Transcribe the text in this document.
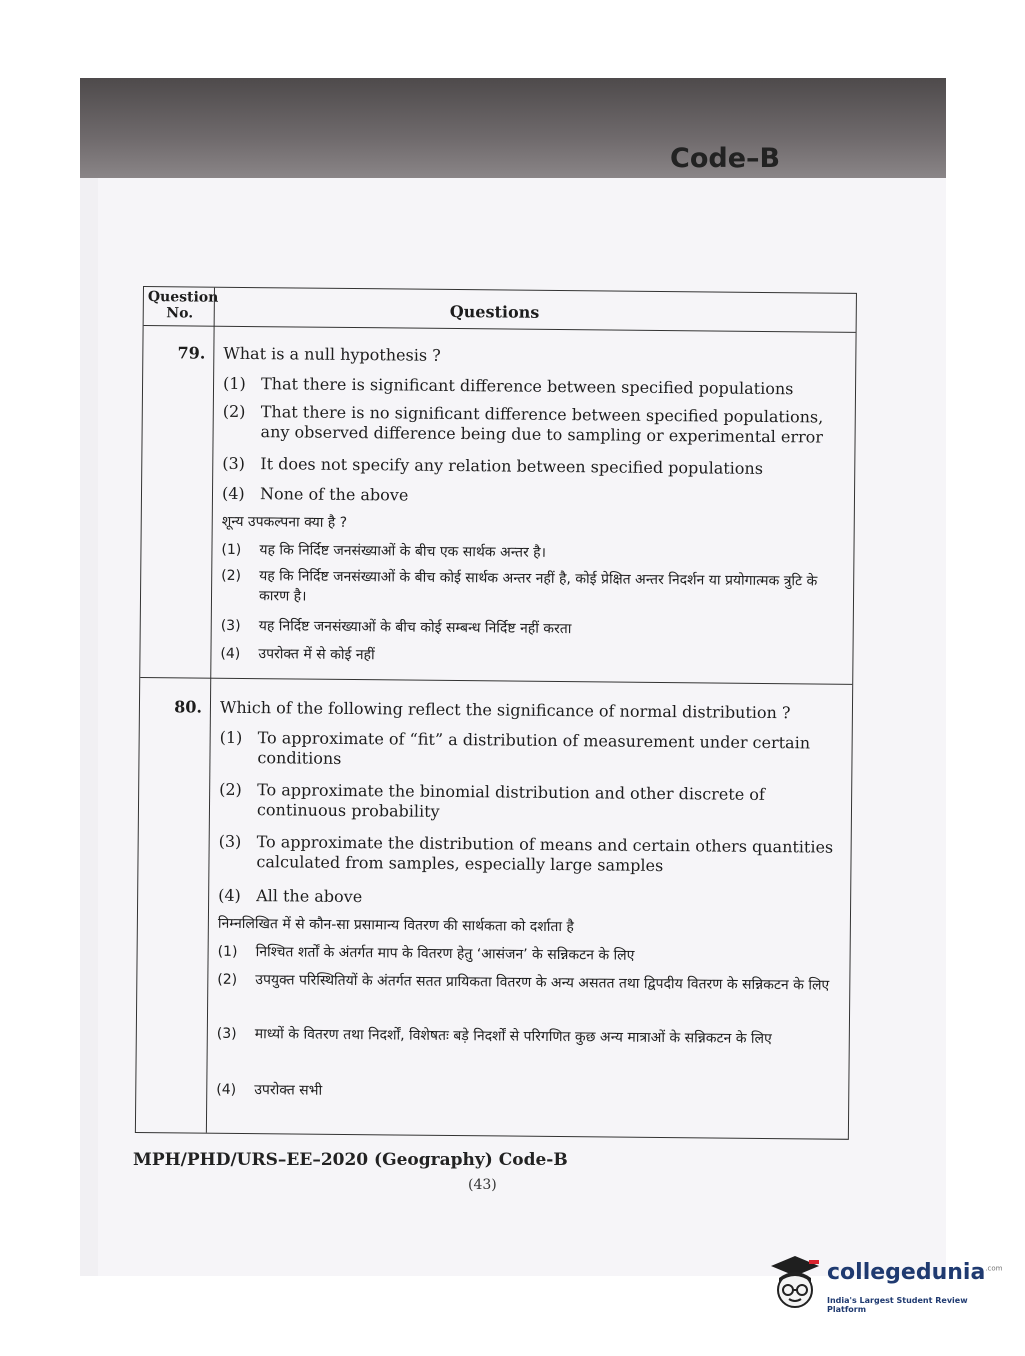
Code–B
Question No.	Questions
79. What is a null hypothesis ?
(1) That there is significant difference between specified populations
(2) That there is no significant difference between specified populations, any observed difference being due to sampling or experimental error
(3) It does not specify any relation between specified populations
(4) None of the above
शून्य उपकल्पना क्या है ?
(1)	यह कि निर्दिष्ट जनसंख्याओं के बीच एक सार्थक अन्तर है।
(2)	यह कि निर्दिष्ट जनसंख्याओं के बीच कोई सार्थक अन्तर नहीं है, कोई प्रेक्षित अन्तर निदर्शन या प्रयोगात्मक त्रुटि के कारण है।
(3)	यह निर्दिष्ट जनसंख्याओं के बीच कोई सम्बन्ध निर्दिष्ट नहीं करता
(4)	उपरोक्त में से कोई नहीं
80. Which of the following reflect the significance of normal distribution ?
(1) To approximate of “fit” a distribution of measurement under certain conditions
(2) To approximate the binomial distribution and other discrete of continuous probability
(3) To approximate the distribution of means and certain others quantities calculated from samples, especially large samples
(4) All the above
निम्नलिखित में से कौन-सा प्रसामान्य वितरण की सार्थकता को दर्शाता है
(1)	निश्चित शर्तों के अंतर्गत माप के वितरण हेतु ‘आसंजन’ के सन्निकटन के लिए
(2)	उपयुक्त परिस्थितियों के अंतर्गत सतत प्रायिकता वितरण के अन्य असतत तथा द्विपदीय वितरण के सन्निकटन के लिए
(3)	माध्यों के वितरण तथा निदर्शों, विशेषतः बड़े निदर्शों से परिगणित कुछ अन्य मात्राओं के सन्निकटन के लिए
(4)	उपरोक्त सभी
MPH/PHD/URS–EE–2020 (Geography) Code-B
(43)
collegedunia$^{.com}$
India's Largest Student Review Platform
